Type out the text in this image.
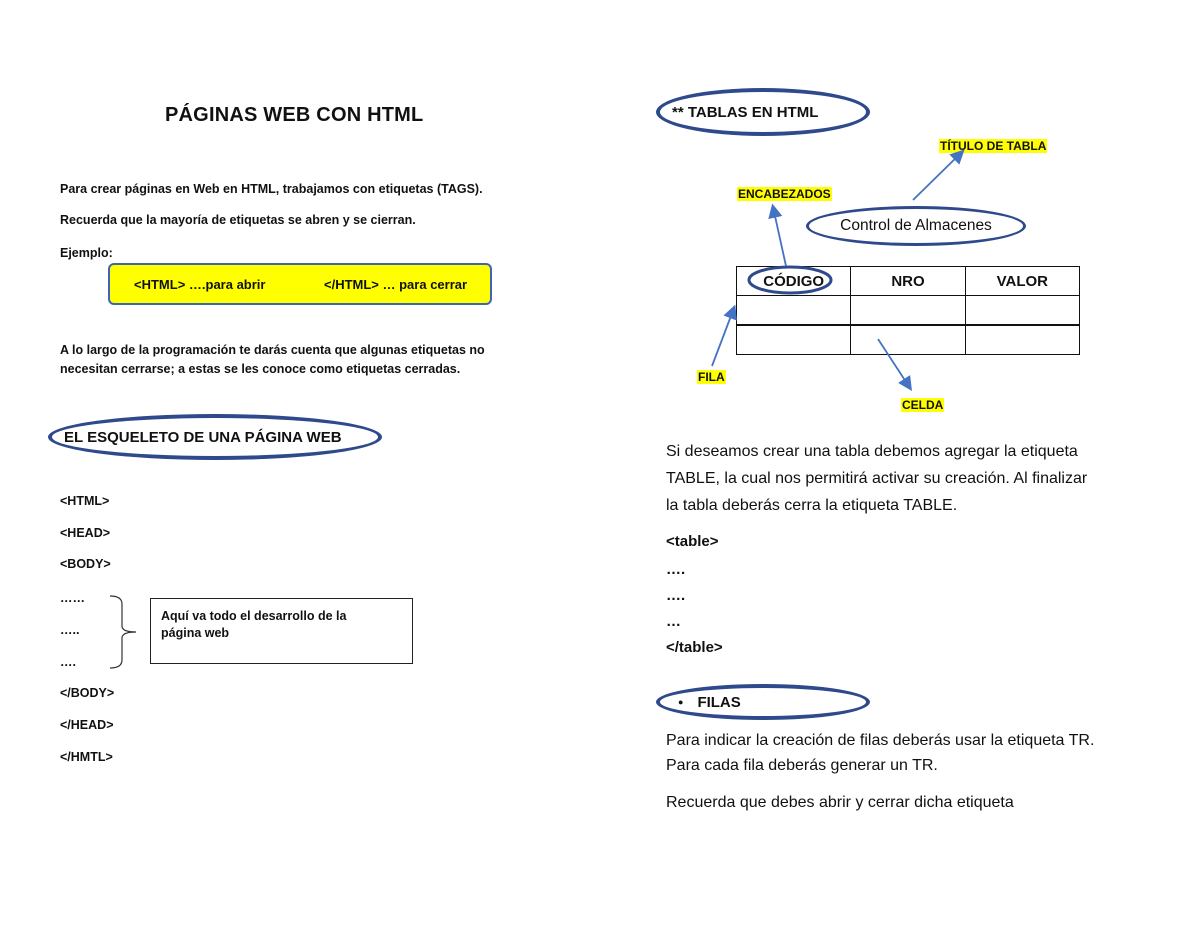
PÁGINAS WEB CON HTML
Para crear páginas en Web en HTML, trabajamos con etiquetas (TAGS).
Recuerda que la mayoría de etiquetas se abren y se cierran.
Ejemplo:
<HTML> ….para abrir	</HTML> … para cerrar
A lo largo de la programación te darás cuenta que algunas etiquetas no
necesitan cerrarse; a estas se les conoce como etiquetas cerradas.
EL ESQUELETO DE UNA PÁGINA WEB
<HTML>
<HEAD>
<BODY>
……
…..
….
</BODY>
</HEAD>
</HMTL>
Aquí va todo el desarrollo de la
página web
** TABLAS EN HTML
TÍTULO DE TABLA
ENCABEZADOS
FILA
CELDA
Control de Almacenes
CÓDIGO	NRO	VALOR

Si deseamos crear una tabla debemos agregar la etiqueta
TABLE, la cual nos permitirá activar su creación. Al finalizar
la tabla deberás cerra la etiqueta TABLE.
<table>
….
….
…
</table>
● FILAS
Para indicar la creación de filas deberás usar la etiqueta TR.
Para cada fila deberás generar un TR.
Recuerda que debes abrir y cerrar dicha etiqueta
